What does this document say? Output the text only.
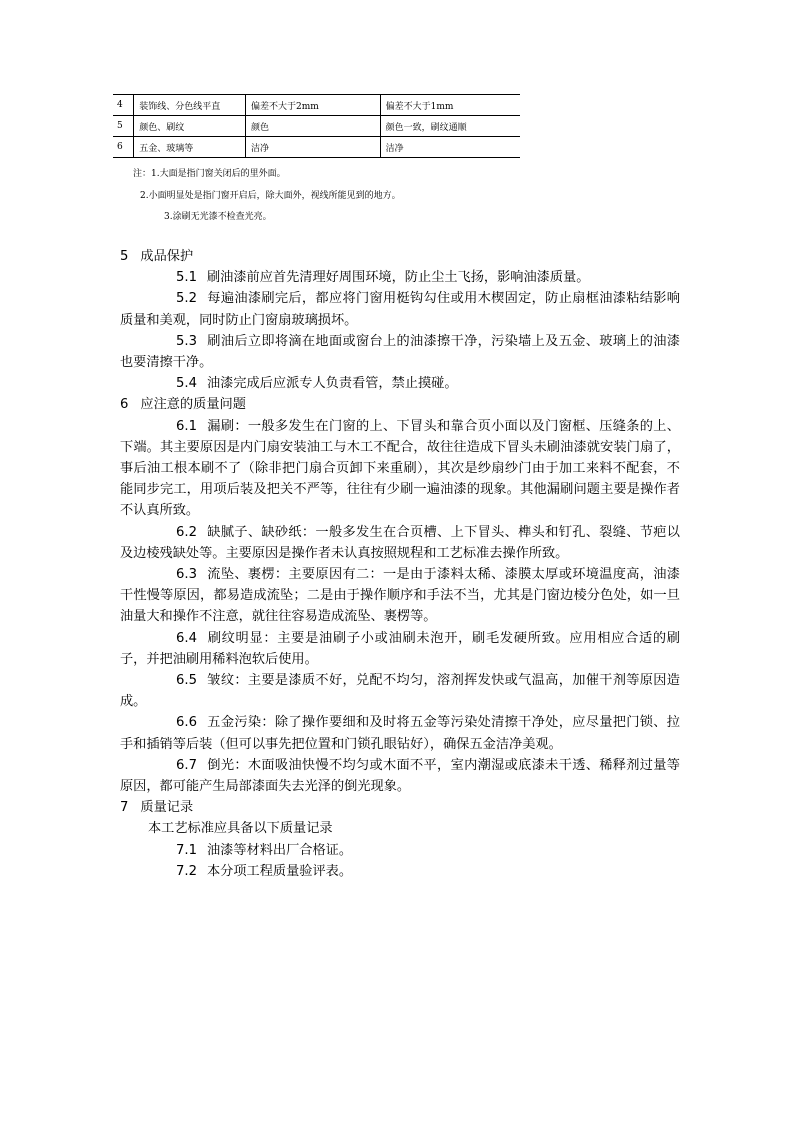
4	装饰线、分色线平直	偏差不大于2mm	偏差不大于1mm
5	颜色、刷纹	颜色	颜色一致，刷纹通顺
6	五金、玻璃等	洁净	洁净
注：1.大面是指门窗关闭后的里外面。
2.小面明显处是指门窗开启后，除大面外，视线所能见到的地方。
3.涂刷无光漆不检查光亮。

5 成品保护

5.1 刷油漆前应首先清理好周围环境，防止尘土飞扬，影响油漆质量。

5.2 每遍油漆刷完后，都应将门窗用梃钩勾住或用木楔固定，防止扇框油漆粘结影响质量和美观，同时防止门窗扇玻璃损坏。

5.3 刷油后立即将滴在地面或窗台上的油漆擦干净，污染墙上及五金、玻璃上的油漆也要清擦干净。

5.4 油漆完成后应派专人负责看管，禁止摸碰。

6 应注意的质量问题

6.1 漏刷：一般多发生在门窗的上、下冒头和靠合页小面以及门窗框、压缝条的上、下端。其主要原因是内门扇安装油工与木工不配合，故往往造成下冒头未刷油漆就安装门扇了，事后油工根本刷不了（除非把门扇合页卸下来重刷），其次是纱扇纱门由于加工来料不配套，不能同步完工，用项后装及把关不严等，往往有少刷一遍油漆的现象。其他漏刷问题主要是操作者不认真所致。

6.2 缺腻子、缺砂纸：一般多发生在合页槽、上下冒头、榫头和钉孔、裂缝、节疤以及边棱残缺处等。主要原因是操作者未认真按照规程和工艺标准去操作所致。

6.3 流坠、裹楞：主要原因有二：一是由于漆料太稀、漆膜太厚或环境温度高，油漆干性慢等原因，都易造成流坠；二是由于操作顺序和手法不当，尤其是门窗边棱分色处，如一旦油量大和操作不注意，就往往容易造成流坠、裹楞等。

6.4 刷纹明显：主要是油刷子小或油刷未泡开，刷毛发硬所致。应用相应合适的刷子，并把油刷用稀料泡软后使用。

6.5 皱纹：主要是漆质不好，兑配不均匀，溶剂挥发快或气温高，加催干剂等原因造成。

6.6 五金污染：除了操作要细和及时将五金等污染处清擦干净处，应尽量把门锁、拉手和插销等后装（但可以事先把位置和门锁孔眼钻好），确保五金洁净美观。

6.7 倒光：木面吸油快慢不均匀或木面不平，室内潮湿或底漆未干透、稀释剂过量等原因，都可能产生局部漆面失去光泽的倒光现象。

7 质量记录

本工艺标准应具备以下质量记录

7.1 油漆等材料出厂合格证。

7.2 本分项工程质量验评表。
